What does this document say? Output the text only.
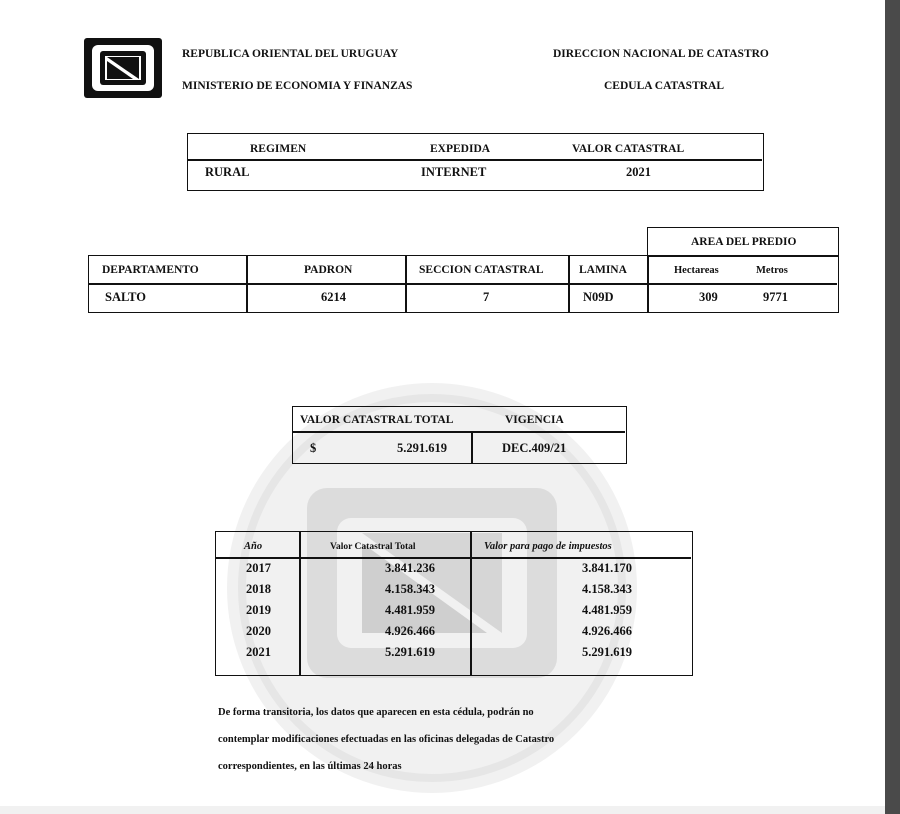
REPUBLICA ORIENTAL DEL URUGUAY
MINISTERIO DE ECONOMIA Y FINANZAS
DIRECCION NACIONAL DE CATASTRO
CEDULA CATASTRAL
REGIMEN	EXPEDIDA	VALOR CATASTRAL
RURAL	INTERNET	2021
AREA DEL PREDIO
DEPARTAMENTO	PADRON	SECCION CATASTRAL	LAMINA	Hectareas	Metros
SALTO	6214	7	N09D	309	9771
VALOR CATASTRAL TOTAL	VIGENCIA
$	5.291.619	DEC.409/21
Año	Valor Catastral Total	Valor para pago de impuestos
2017	3.841.236	3.841.170
2018	4.158.343	4.158.343
2019	4.481.959	4.481.959
2020	4.926.466	4.926.466
2021	5.291.619	5.291.619
De forma transitoria, los datos que aparecen en esta cédula, podrán no
contemplar modificaciones efectuadas en las oficinas delegadas de Catastro
correspondientes, en las últimas 24 horas
